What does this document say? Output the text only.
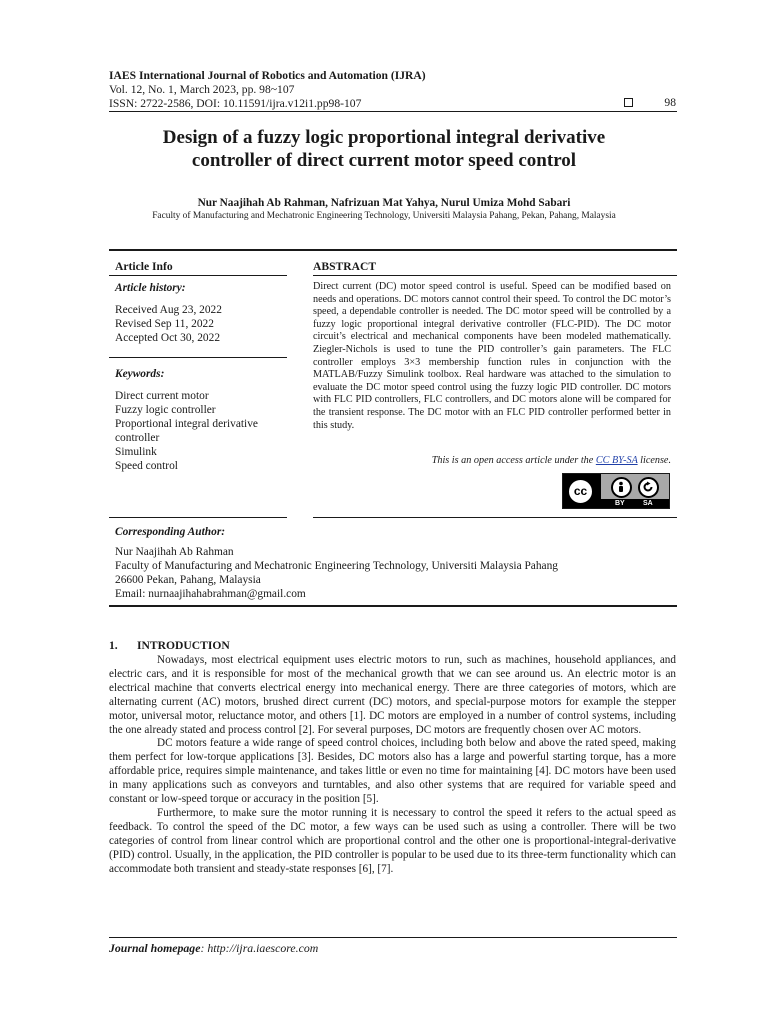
IAES International Journal of Robotics and Automation (IJRA)
Vol. 12, No. 1, March 2023, pp. 98~107
ISSN: 2722-2586, DOI: 10.11591/ijra.v12i1.pp98-107	98
Design of a fuzzy logic proportional integral derivative
controller of direct current motor speed control
Nur Naajihah Ab Rahman, Nafrizuan Mat Yahya, Nurul Umiza Mohd Sabari
Faculty of Manufacturing and Mechatronic Engineering Technology, Universiti Malaysia Pahang, Pekan, Pahang, Malaysia
Article Info
Article history:
Received Aug 23, 2022
Revised Sep 11, 2022
Accepted Oct 30, 2022
Keywords:
Direct current motor
Fuzzy logic controller
Proportional integral derivative
controller
Simulink
Speed control
ABSTRACT
Direct current (DC) motor speed control is useful. Speed can be modified based on needs and operations. DC motors cannot control their speed. To control the DC motor’s speed, a dependable controller is needed. The DC motor speed will be controlled by a fuzzy logic proportional integral derivative controller (FLC-PID). The DC motor circuit’s electrical and mechanical components have been modeled mathematically. Ziegler-Nichols is used to tune the PID controller’s gain parameters. The FLC controller employs 3×3 membership function rules in conjunction with the MATLAB/Fuzzy Simulink toolbox. Real hardware was attached to the simulation to evaluate the DC motor speed control using the fuzzy logic PID controller. DC motors with FLC PID controllers, FLC controllers, and DC motors alone will be compared for the transient response. The DC motor with an FLC PID controller performed better in this study.
This is an open access article under the CC BY-SA license.
cc
BY	SA
Corresponding Author:
Nur Naajihah Ab Rahman
Faculty of Manufacturing and Mechatronic Engineering Technology, Universiti Malaysia Pahang
26600 Pekan, Pahang, Malaysia
Email: nurnaajihahabrahman@gmail.com
1. INTRODUCTION

Nowadays, most electrical equipment uses electric motors to run, such as machines, household appliances, and electric cars, and it is responsible for most of the mechanical growth that we can see around us. An electric motor is an electrical machine that converts electrical energy into mechanical energy. There are three categories of motors, which are alternating current (AC) motors, brushed direct current (DC) motors, and special-purpose motors for example the stepper motor, universal motor, reluctance motor, and others [1]. DC motors are employed in a number of control systems, including the one already stated and process control [2]. For several purposes, DC motors are frequently chosen over AC motors.

DC motors feature a wide range of speed control choices, including both below and above the rated speed, making them perfect for low-torque applications [3]. Besides, DC motors also has a large and powerful starting torque, has a more affordable price, requires simple maintenance, and takes little or even no time for maintaining [4]. DC motors have been used in many applications such as conveyors and turntables, and also other systems that are required for variable speed and constant or low-speed torque or accuracy in the position [5].

Furthermore, to make sure the motor running it is necessary to control the speed it refers to the actual speed as feedback. To control the speed of the DC motor, a few ways can be used such as using a controller. There will be two categories of control from linear control which are proportional control and the other one is proportional-integral-derivative (PID) control. Usually, in the application, the PID controller is popular to be used due to its three-term functionality which can accommodate both transient and steady-state responses [6], [7].

Journal homepage: http://ijra.iaescore.com
